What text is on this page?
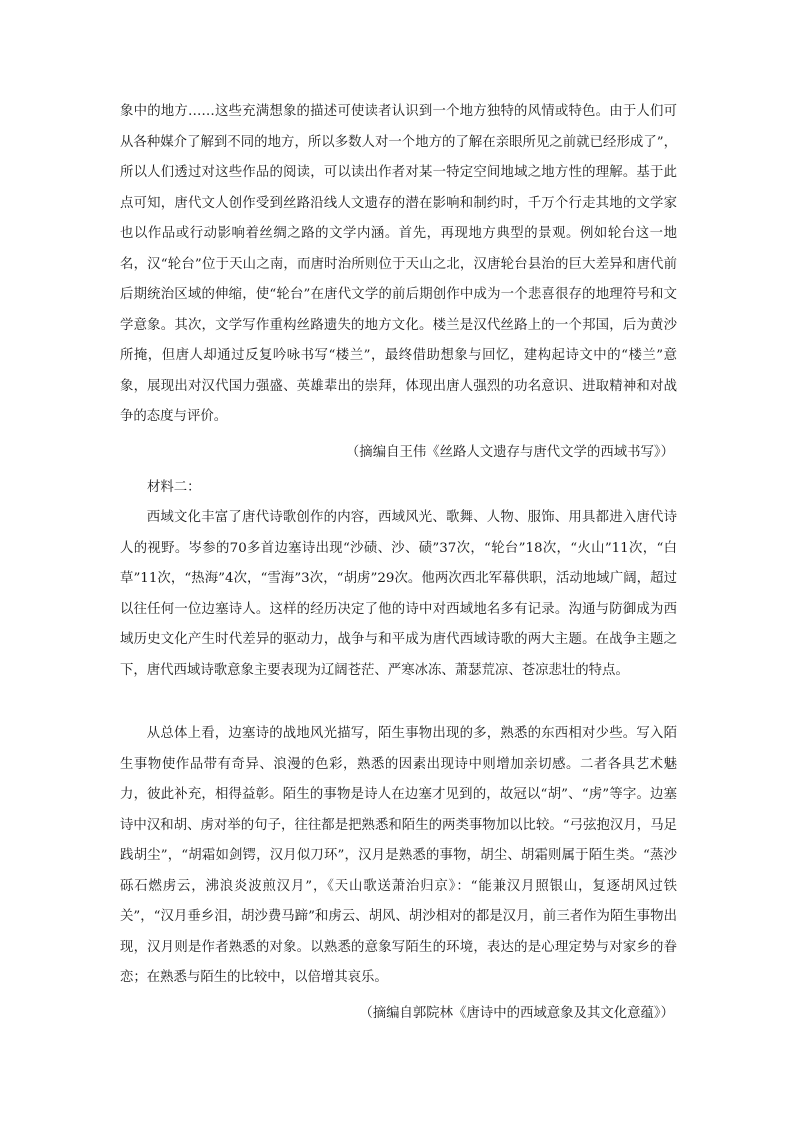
象中的地方……这些充满想象的描述可使读者认识到一个地方独特的风情或特色。由于人们可从各种媒介了解到不同的地方，所以多数人对一个地方的了解在亲眼所见之前就已经形成了”，所以人们透过对这些作品的阅读，可以读出作者对某一特定空间地域之地方性的理解。基于此点可知，唐代文人创作受到丝路沿线人文遗存的潜在影响和制约时，千万个行走其地的文学家也以作品或行动影响着丝绸之路的文学内涵。首先，再现地方典型的景观。例如轮台这一地名，汉“轮台”位于天山之南，而唐时治所则位于天山之北，汉唐轮台县治的巨大差异和唐代前后期统治区域的伸缩，使“轮台”在唐代文学的前后期创作中成为一个悲喜很存的地理符号和文学意象。其次，文学写作重构丝路遗失的地方文化。楼兰是汉代丝路上的一个邦国，后为黄沙所掩，但唐人却通过反复吟咏书写“楼兰”，最终借助想象与回忆，建构起诗文中的“楼兰”意象，展现出对汉代国力强盛、英雄辈出的崇拜，体现出唐人强烈的功名意识、进取精神和对战争的态度与评价。

（摘编自王伟《丝路人文遗存与唐代文学的西域书写》）

材料二：

西域文化丰富了唐代诗歌创作的内容，西域风光、歌舞、人物、服饰、用具都进入唐代诗人的视野。岑参的70多首边塞诗出现“沙碛、沙、碛”37次，“轮台”18次，“火山”11次，“白草”11次，“热海”4次，“雪海”3次，“胡虏”29次。他两次西北军幕供职，活动地域广阔，超过以往任何一位边塞诗人。这样的经历决定了他的诗中对西域地名多有记录。沟通与防御成为西域历史文化产生时代差异的驱动力，战争与和平成为唐代西域诗歌的两大主题。在战争主题之下，唐代西域诗歌意象主要表现为辽阔苍茫、严寒冰冻、萧瑟荒凉、苍凉悲壮的特点。

从总体上看，边塞诗的战地风光描写，陌生事物出现的多，熟悉的东西相对少些。写入陌生事物使作品带有奇异、浪漫的色彩，熟悉的因素出现诗中则增加亲切感。二者各具艺术魅力，彼此补充，相得益彰。陌生的事物是诗人在边塞才见到的，故冠以“胡”、“虏”等字。边塞诗中汉和胡、虏对举的句子，往往都是把熟悉和陌生的两类事物加以比较。“弓弦抱汉月，马足践胡尘”，“胡霜如剑锷，汉月似刀环”，汉月是熟悉的事物，胡尘、胡霜则属于陌生类。“蒸沙砾石燃虏云，沸浪炎波煎汉月”，《天山歌送萧治归京》：“能兼汉月照银山，复逐胡风过铁关”，“汉月垂乡泪，胡沙费马蹄”和虏云、胡风、胡沙相对的都是汉月，前三者作为陌生事物出现，汉月则是作者熟悉的对象。以熟悉的意象写陌生的环境，表达的是心理定势与对家乡的眷恋；在熟悉与陌生的比较中，以倍增其哀乐。

（摘编自郭院林《唐诗中的西域意象及其文化意蕴》）
